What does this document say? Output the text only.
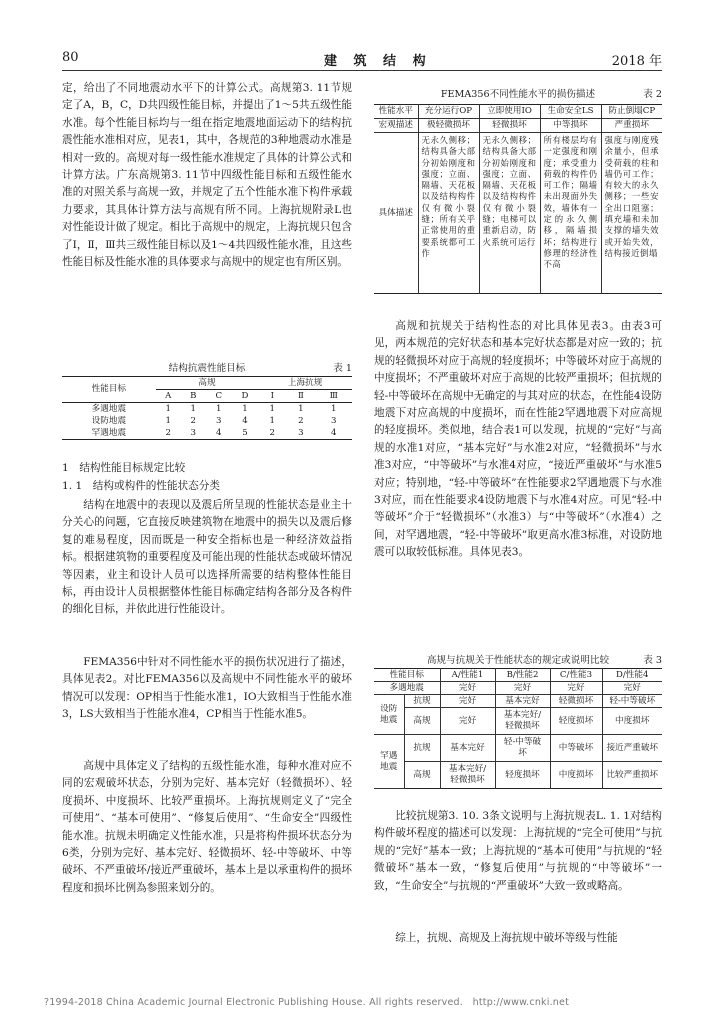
80	建 筑 结 构	2018 年

定，给出了不同地震动水平下的计算公式。高规第3. 11节规定了A，B，C，D共四级性能目标，并提出了1～5共五级性能水准。每个性能目标均与一组在指定地震地面运动下的结构抗震性能水准相对应，见表1，其中，各规范的3种地震动水准是相对一致的。高规对每一级性能水准规定了具体的计算公式和计算方法。广东高规第3. 11节中四级性能目标和五级性能水准的对照关系与高规一致，并规定了五个性能水准下构件承载力要求，其具体计算方法与高规有所不同。上海抗规附录L也对性能设计做了规定。相比于高规中的规定，上海抗规只包含了Ⅰ，Ⅱ，Ⅲ共三级性能目标以及1～4共四级性能水准，且这些性能目标及性能水准的具体要求与高规中的规定也有所区别。

结构抗震性能目标	表 1
性能目标	高规				上海抗规		
	A	B	C	D	Ⅰ	Ⅱ	Ⅲ
多遇地震	1	1	1	1	1	1	1
设防地震	1	2	3	4	1	2	3
罕遇地震	2	3	4	5	2	3	4
1　结构性能目标规定比较
1. 1　结构或构件的性能状态分类

结构在地震中的表现以及震后所呈现的性能状态是业主十分关心的问题，它直接反映建筑物在地震中的损失以及震后修复的难易程度，因而既是一种安全指标也是一种经济效益指标。根据建筑物的重要程度及可能出现的性能状态或破坏情况等因素，业主和设计人员可以选择所需要的结构整体性能目标，再由设计人员根据整体性能目标确定结构各部分及各构件的细化目标，并依此进行性能设计。

FEMA356中针对不同性能水平的损伤状况进行了描述，具体见表2。对比FEMA356以及高规中不同性能水平的破坏情况可以发现：OP相当于性能水准1，IO大致相当于性能水准3，LS大致相当于性能水准4，CP相当于性能水准5。

高规中具体定义了结构的五级性能水准，每种水准对应不同的宏观破坏状态，分别为完好、基本完好（轻微损坏）、轻度损坏、中度损坏、比较严重损坏。上海抗规则定义了“完全可使用”、“基本可使用”、“修复后使用”、“生命安全”四级性能水准。抗规未明确定义性能水准，只是将构件损坏状态分为6类，分别为完好、基本完好、轻微损坏、轻-中等破坏、中等破坏、不严重破坏/接近严重破坏，基本上是以承重构件的损坏程度和损坏比例為参照来划分的。

FEMA356不同性能水平的损伤描述	表 2
性能水平	充分运行OP	立即使用IO	生命安全LS	防止倒塌CP
宏观描述	极轻微损坏	轻微损坏	中等损坏	严重损坏
具体描述	无永久侧移；结构具备大部分初始刚度和强度；立面、隔墙、天花板以及结构构件仅有微小裂缝；所有关乎正常使用的重要系统都可工作	无永久侧移；结构具备大部分初始刚度和强度；立面、隔墙、天花板以及结构构件仅有微小裂缝；电梯可以重新启动，防火系统可运行	所有楼层均有一定强度和刚度；承受重力荷载的构件仍可工作；隔墙未出现面外失效，墙体有一定的永久侧移，隔墙损坏；结构进行修理的经济性不高	强度与刚度残余量小，但承受荷载的柱和墙仍可工作；有较大的永久侧移；一些安全出口阻塞；填充墙和未加支撑的墙失效或开始失效，结构接近倒塌

高规和抗规关于结构性态的对比具体见表3。由表3可见，两本规范的完好状态和基本完好状态都是对应一致的；抗规的轻微损坏对应于高规的轻度损坏；中等破坏对应于高规的中度损坏；不严重破坏对应于高规的比较严重损坏；但抗规的轻-中等破坏在高规中无确定的与其对应的状态，在性能4设防地震下对应高规的中度损坏，而在性能2罕遇地震下对应高规的轻度损坏。类似地，结合表1可以发现，抗规的“完好”与高规的水准1对应，“基本完好”与水准2对应，“轻微损坏”与水准3对应，“中等破坏”与水准4对应，“接近严重破坏”与水准5对应；特别地，“轻-中等破坏”在性能要求2罕遇地震下与水准3对应，而在性能要求4设防地震下与水准4对应。可见“轻-中等破坏”介于“轻微损坏”（水准3）与“中等破坏”（水准4）之间，对罕遇地震，“轻-中等破坏”取更高水准3标准，对设防地震可以取较低标准。具体见表3。

高规与抗规关于性能状态的规定或说明比较	表 3
性能目标		A/性能1	B/性能2	C/性能3	D/性能4
多遇地震		完好	完好	完好	完好
设防地震	抗规	完好	基本完好	轻微损坏	轻-中等破坏
	高规	完好	基本完好/轻微损坏	轻度损坏	中度损坏
罕遇地震	抗规	基本完好	轻-中等破坏	中等破坏	接近严重破坏
	高规	基本完好/轻微损坏	轻度损坏	中度损坏	比较严重损坏

比较抗规第3. 10. 3条文说明与上海抗规表L. 1. 1对结构构件破坏程度的描述可以发现：上海抗规的“完全可使用”与抗规的“完好”基本一致；上海抗规的“基本可使用”与抗规的“轻微破坏”基本一致，“修复后使用”与抗规的“中等破坏”一致，“生命安全”与抗规的“严重破坏”大致一致或略高。

综上，抗规、高规及上海抗规中破坏等级与性能

?1994-2018 China Academic Journal Electronic Publishing House. All rights reserved.　http://www.cnki.net
